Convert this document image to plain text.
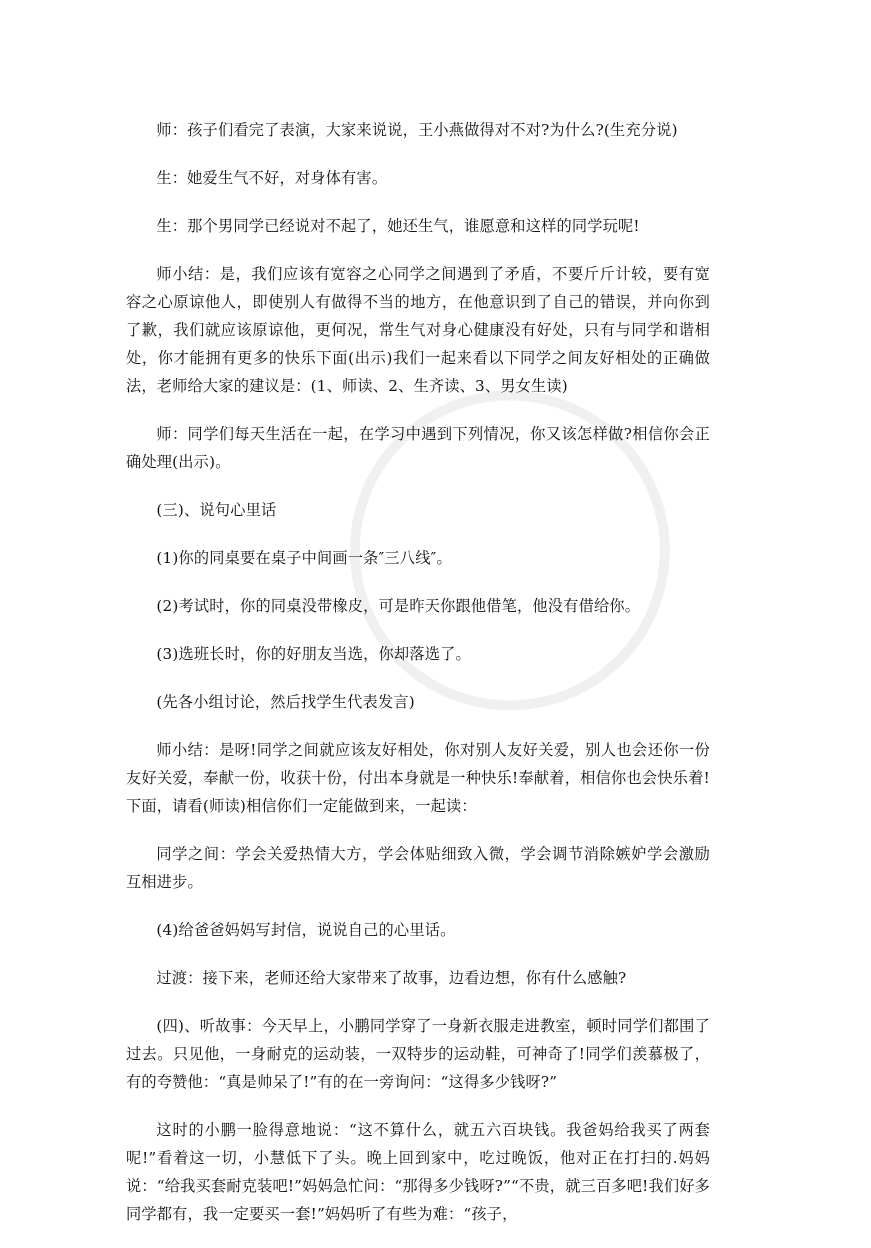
师：孩子们看完了表演，大家来说说，王小燕做得对不对?为什么?(生充分说)

生：她爱生气不好，对身体有害。

生：那个男同学已经说对不起了，她还生气，谁愿意和这样的同学玩呢!

师小结：是，我们应该有宽容之心同学之间遇到了矛盾，不要斤斤计较，要有宽容之心原谅他人，即使别人有做得不当的地方，在他意识到了自己的错误，并向你到了歉，我们就应该原谅他，更何况，常生气对身心健康没有好处，只有与同学和谐相处，你才能拥有更多的快乐下面(出示)我们一起来看以下同学之间友好相处的正确做法，老师给大家的建议是：(1、师读、2、生齐读、3、男女生读)

师：同学们每天生活在一起，在学习中遇到下列情况，你又该怎样做?相信你会正确处理(出示)。

(三)、说句心里话

(1)你的同桌要在桌子中间画一条″三八线″。

(2)考试时，你的同桌没带橡皮，可是昨天你跟他借笔，他没有借给你。

(3)选班长时，你的好朋友当选，你却落选了。

(先各小组讨论，然后找学生代表发言)

师小结：是呀!同学之间就应该友好相处，你对别人友好关爱，别人也会还你一份友好关爱，奉献一份，收获十份，付出本身就是一种快乐!奉献着，相信你也会快乐着!下面，请看(师读)相信你们一定能做到来，一起读：

同学之间：学会关爱热情大方，学会体贴细致入微，学会调节消除嫉妒学会激励互相进步。

(4)给爸爸妈妈写封信，说说自己的心里话。

过渡：接下来，老师还给大家带来了故事，边看边想，你有什么感触?

(四)、听故事：今天早上，小鹏同学穿了一身新衣服走进教室，顿时同学们都围了过去。只见他，一身耐克的运动装，一双特步的运动鞋，可神奇了!同学们羡慕极了，有的夸赞他：“真是帅呆了!”有的在一旁询问：“这得多少钱呀?”

这时的小鹏一脸得意地说：“这不算什么，就五六百块钱。我爸妈给我买了两套呢!”看着这一切，小慧低下了头。晚上回到家中，吃过晚饭，他对正在打扫的.妈妈说：“给我买套耐克装吧!”妈妈急忙问：“那得多少钱呀?”“不贵，就三百多吧!我们好多同学都有，我一定要买一套!”妈妈听了有些为难：“孩子，
